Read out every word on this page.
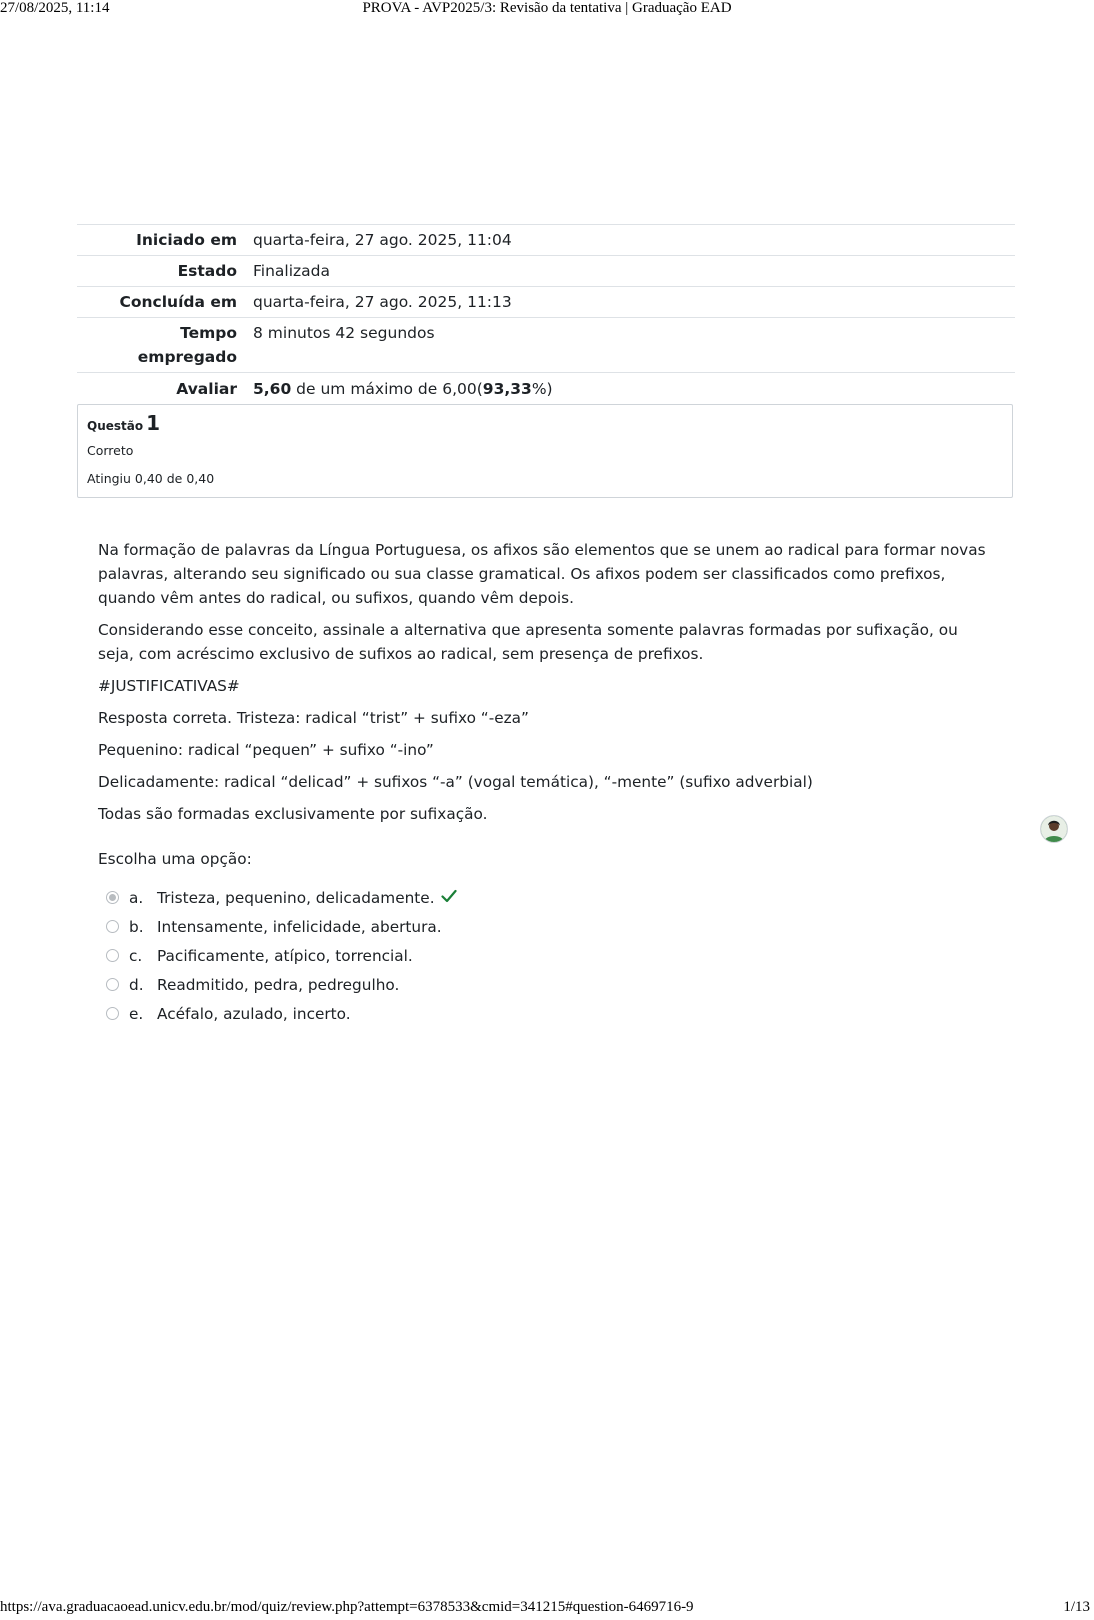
27/08/2025, 11:14	PROVA - AVP2025/3: Revisão da tentativa | Graduação EAD
Iniciado em	quarta-feira, 27 ago. 2025, 11:04
Estado	Finalizada
Concluída em	quarta-feira, 27 ago. 2025, 11:13
Tempo empregado	8 minutos 42 segundos
Avaliar	5,60 de um máximo de 6,00(93,33%)
Questão 1
Correto
Atingiu 0,40 de 0,40

Na formação de palavras da Língua Portuguesa, os afixos são elementos que se unem ao radical para formar novas palavras, alterando seu significado ou sua classe gramatical. Os afixos podem ser classificados como prefixos, quando vêm antes do radical, ou sufixos, quando vêm depois.

Considerando esse conceito, assinale a alternativa que apresenta somente palavras formadas por sufixação, ou seja, com acréscimo exclusivo de sufixos ao radical, sem presença de prefixos.

#JUSTIFICATIVAS#

Resposta correta. Tristeza: radical “trist” + sufixo “-eza”

Pequenino: radical “pequen” + sufixo “-ino”

Delicadamente: radical “delicad” + sufixos “-a” (vogal temática), “-mente” (sufixo adverbial)

Todas são formadas exclusivamente por sufixação.

Escolha uma opção:
a. Tristeza, pequenino, delicadamente.
b. Intensamente, infelicidade, abertura.
c. Pacificamente, atípico, torrencial.
d. Readmitido, pedra, pedregulho.
e. Acéfalo, azulado, incerto.
https://ava.graduacaoead.unicv.edu.br/mod/quiz/review.php?attempt=6378533&cmid=341215#question-6469716-9	1/13
